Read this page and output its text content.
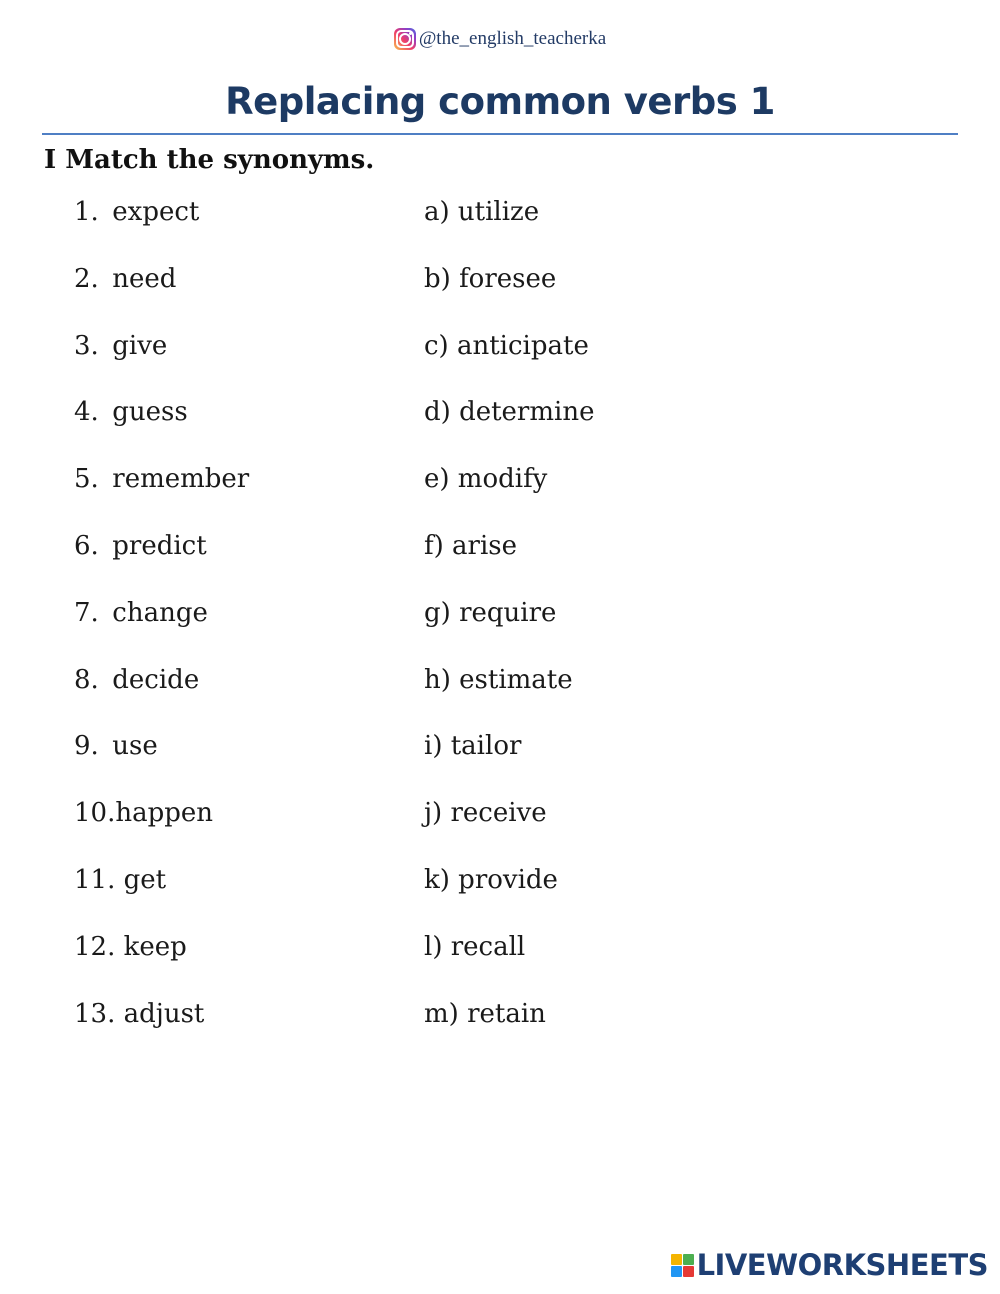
@the_english_teacherka
Replacing common verbs 1
I Match the synonyms.
1. expect
2. need
3. give
4. guess
5. remember
6. predict
7. change
8. decide
9. use
10.happen
11. get
12. keep
13. adjust
a) utilize
b) foresee
c) anticipate
d) determine
e) modify
f) arise
g) require
h) estimate
i) tailor
j) receive
k) provide
l) recall
m) retain
LIVEWORKSHEETS
